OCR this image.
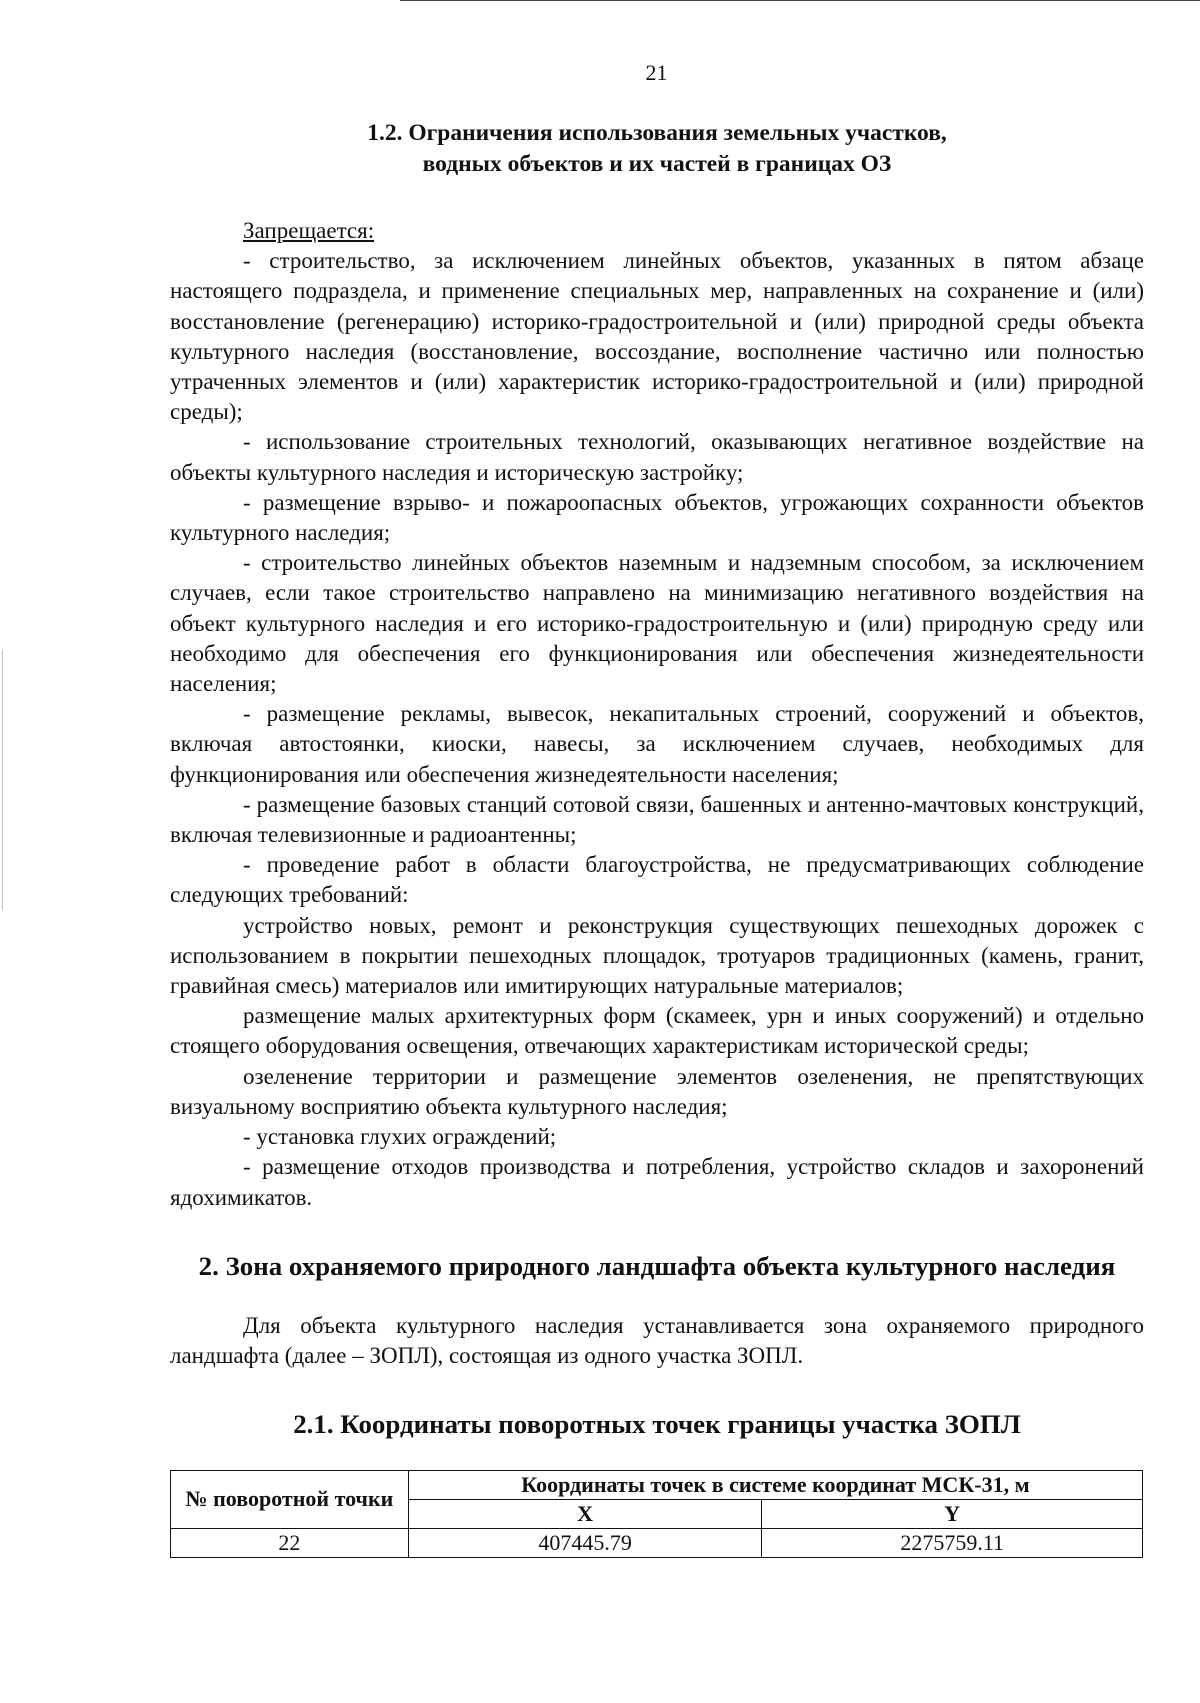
21
1.2. Ограничения использования земельных участков,
водных объектов и их частей в границах ОЗ

Запрещается:

- строительство, за исключением линейных объектов, указанных в пятом абзаце настоящего подраздела, и применение специальных мер, направленных на сохранение и (или) восстановление (регенерацию) историко-градостроительной и (или) природной среды объекта культурного наследия (восстановление, воссоздание, восполнение частично или полностью утраченных элементов и (или) характеристик историко-градостроительной и (или) природной среды);

- использование строительных технологий, оказывающих негативное воздействие на объекты культурного наследия и историческую застройку;

- размещение взрыво- и пожароопасных объектов, угрожающих сохранности объектов культурного наследия;

- строительство линейных объектов наземным и надземным способом, за исключением случаев, если такое строительство направлено на минимизацию негативного воздействия на объект культурного наследия и его историко-градостроительную и (или) природную среду или необходимо для обеспечения его функционирования или обеспечения жизнедеятельности населения;

- размещение рекламы, вывесок, некапитальных строений, сооружений и объектов, включая автостоянки, киоски, навесы, за исключением случаев, необходимых для функционирования или обеспечения жизнедеятельности населения;

- размещение базовых станций сотовой связи, башенных и антенно-мачтовых конструкций, включая телевизионные и радиоантенны;

- проведение работ в области благоустройства, не предусматривающих соблюдение следующих требований:

устройство новых, ремонт и реконструкция существующих пешеходных дорожек с использованием в покрытии пешеходных площадок, тротуаров традиционных (камень, гранит, гравийная смесь) материалов или имитирующих натуральные материалов;

размещение малых архитектурных форм (скамеек, урн и иных сооружений) и отдельно стоящего оборудования освещения, отвечающих характеристикам исторической среды;

озеленение территории и размещение элементов озеленения, не препятствующих визуальному восприятию объекта культурного наследия;

- установка глухих ограждений;

- размещение отходов производства и потребления, устройство складов и захоронений ядохимикатов.

2. Зона охраняемого природного ландшафта объекта культурного наследия

Для объекта культурного наследия устанавливается зона охраняемого природного ландшафта (далее – ЗОПЛ), состоящая из одного участка ЗОПЛ.

2.1. Координаты поворотных точек границы участка ЗОПЛ
№ поворотной точки	Координаты точек в системе координат МСК-31, м	
	X	Y
22	407445.79	2275759.11
